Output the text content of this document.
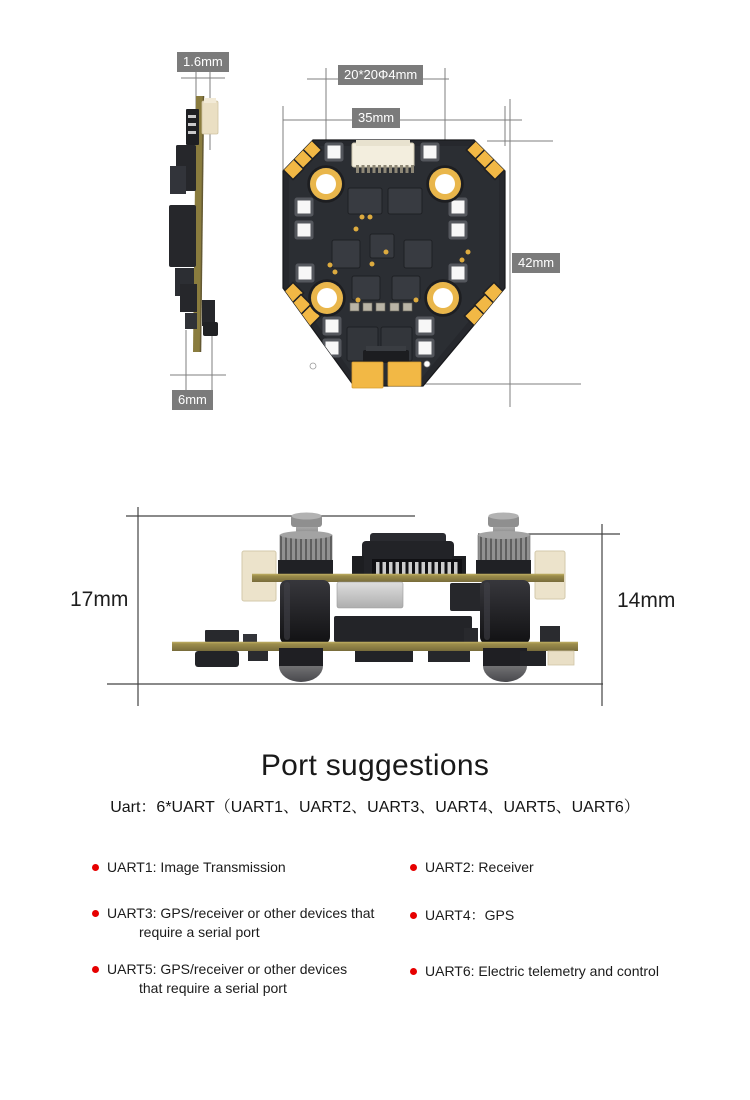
1.6mm
20*20Φ4mm
35mm
42mm
6mm
17mm	14mm
Port suggestions
Uart：6*UART（UART1、UART2、UART3、UART4、UART5、UART6）
UART1: Image Transmission	UART2: Receiver
UART3: GPS/receiver or other devices that
require a serial port
UART4：GPS
UART5: GPS/receiver or other devices
that require a serial port
UART6: Electric telemetry and control
